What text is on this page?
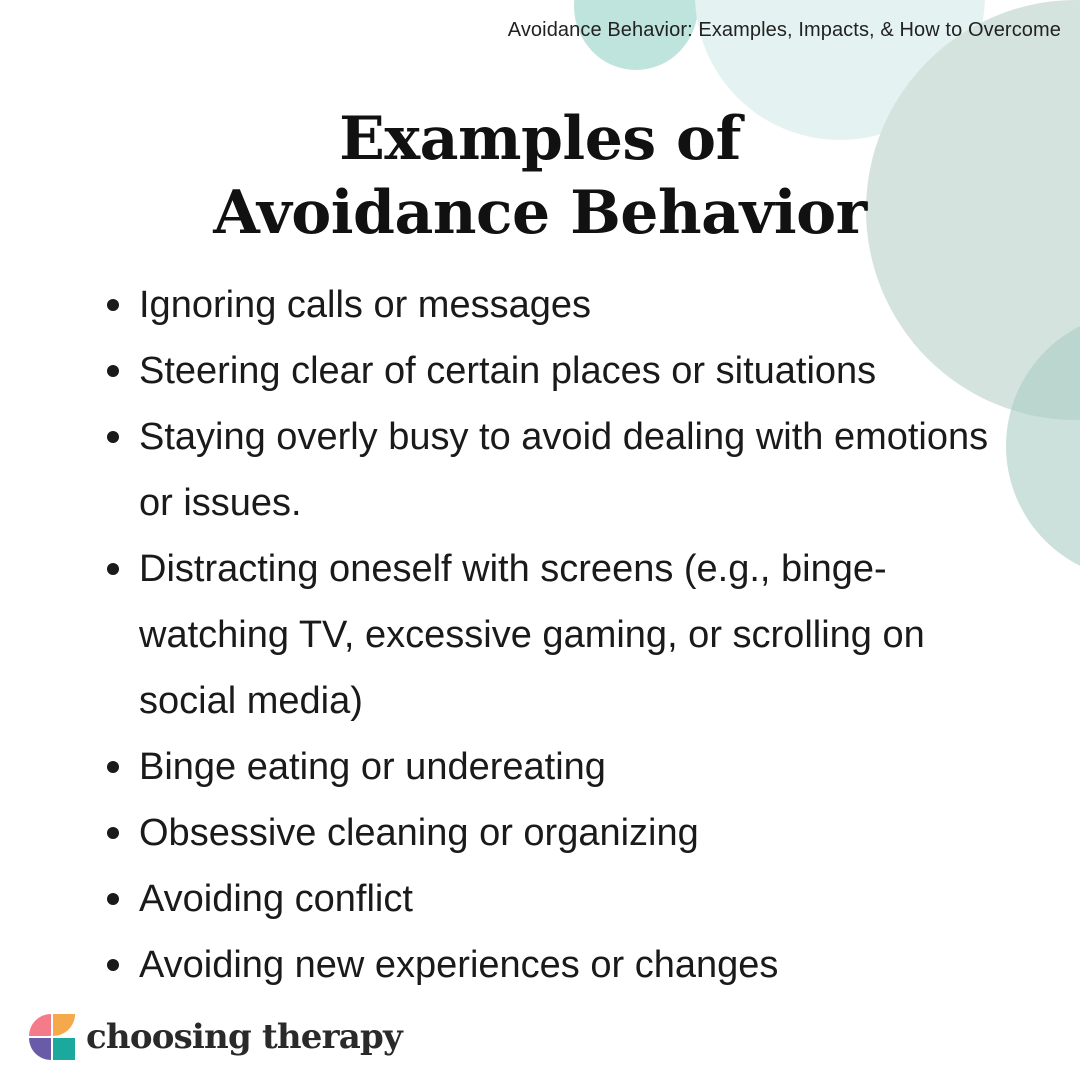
Avoidance Behavior: Examples, Impacts, & How to Overcome
Examples of
Avoidance Behavior
Ignoring calls or messages
Steering clear of certain places or situations
Staying overly busy to avoid dealing with emotions or issues.
Distracting oneself with screens (e.g., binge-watching TV, excessive gaming, or scrolling on social media)
Binge eating or undereating
Obsessive cleaning or organizing
Avoiding conflict
Avoiding new experiences or changes
choosing therapy
